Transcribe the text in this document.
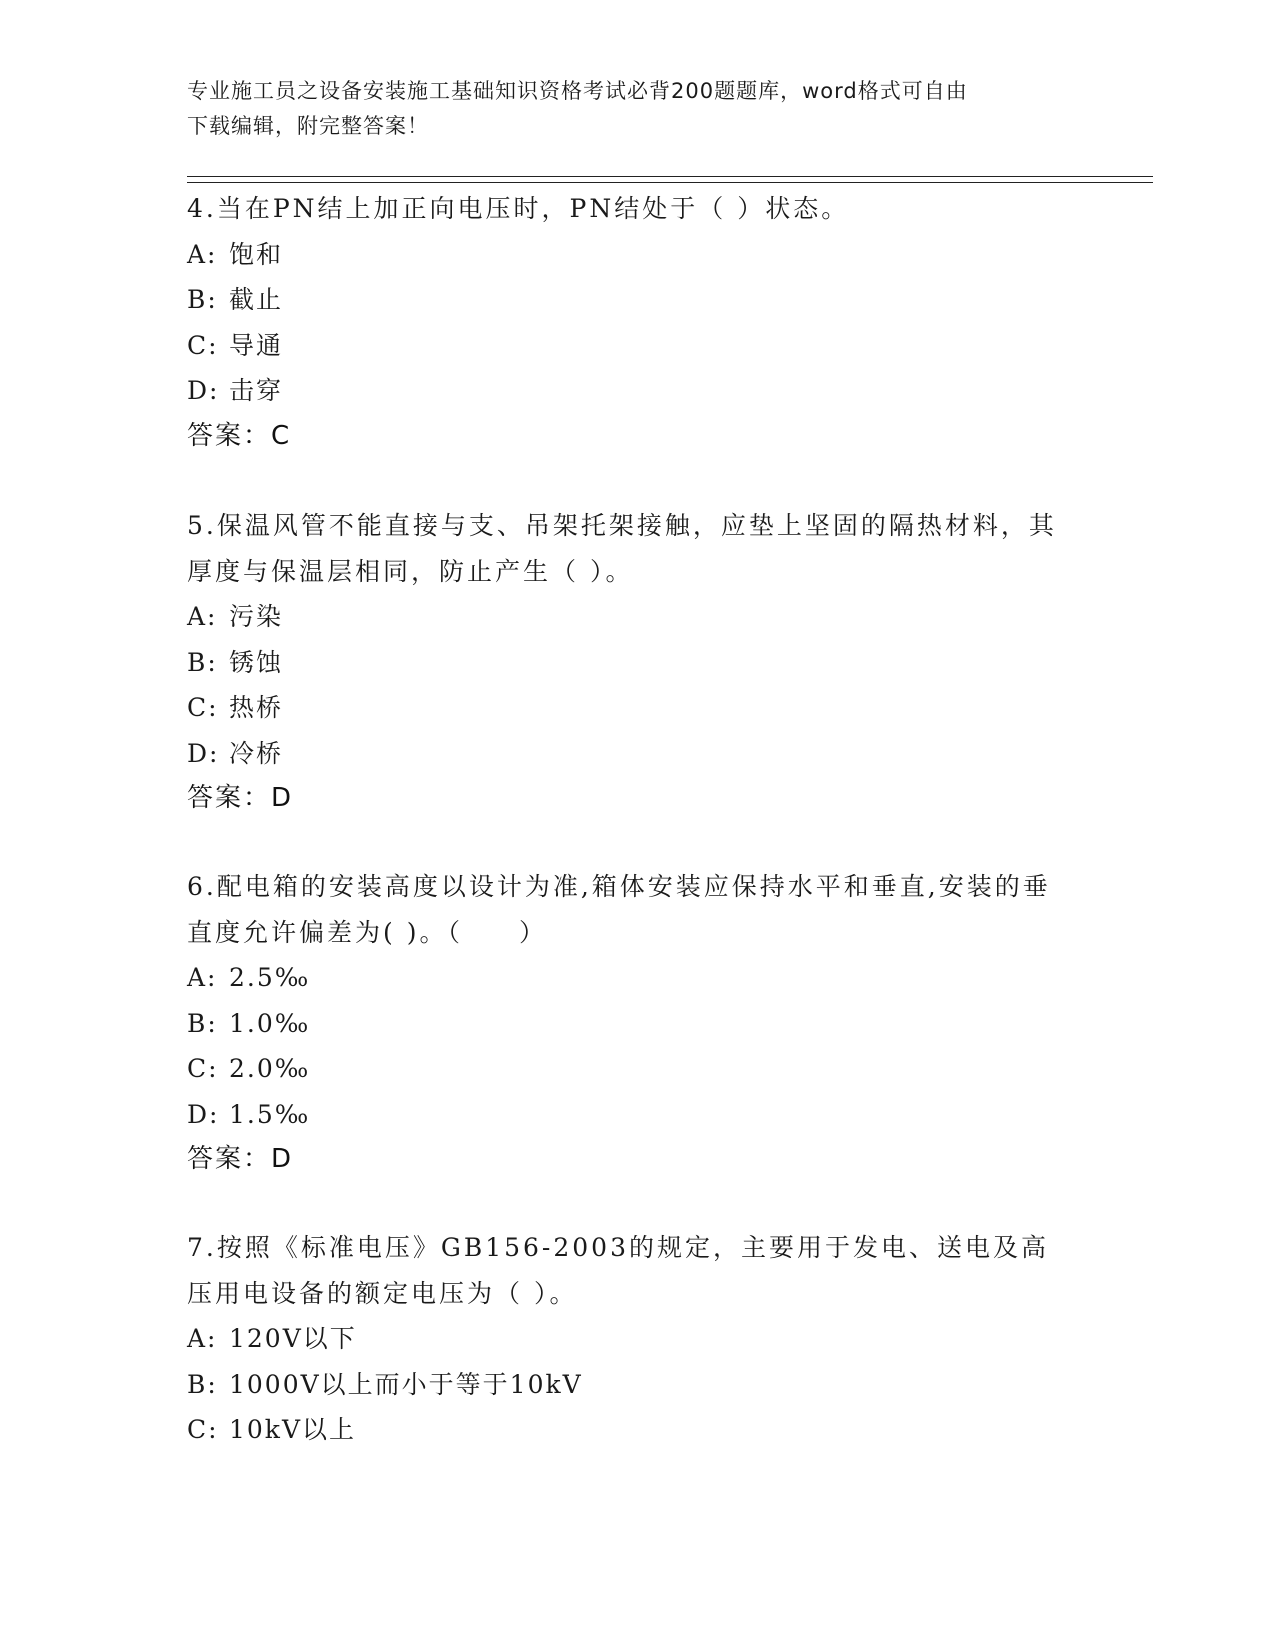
专业施工员之设备安装施工基础知识资格考试必背200题题库，word格式可自由
下载编辑，附完整答案！
4.当在PN结上加正向电压时，PN结处于（ ）状态。
A: 饱和
B: 截止
C: 导通
D: 击穿
答案：C
5.保温风管不能直接与支、吊架托架接触，应垫上坚固的隔热材料，其厚度与保温层相同，防止产生（ ）。
A: 污染
B: 锈蚀
C: 热桥
D: 冷桥
答案：D
6.配电箱的安装高度以设计为准,箱体安装应保持水平和垂直,安装的垂直度允许偏差为( )。（　　）
A: 2.5‰
B: 1.0‰
C: 2.0‰
D: 1.5‰
答案：D
7.按照《标准电压》GB156-2003的规定，主要用于发电、送电及高压用电设备的额定电压为（ ）。
A: 120V以下
B: 1000V以上而小于等于10kV
C: 10kV以上
